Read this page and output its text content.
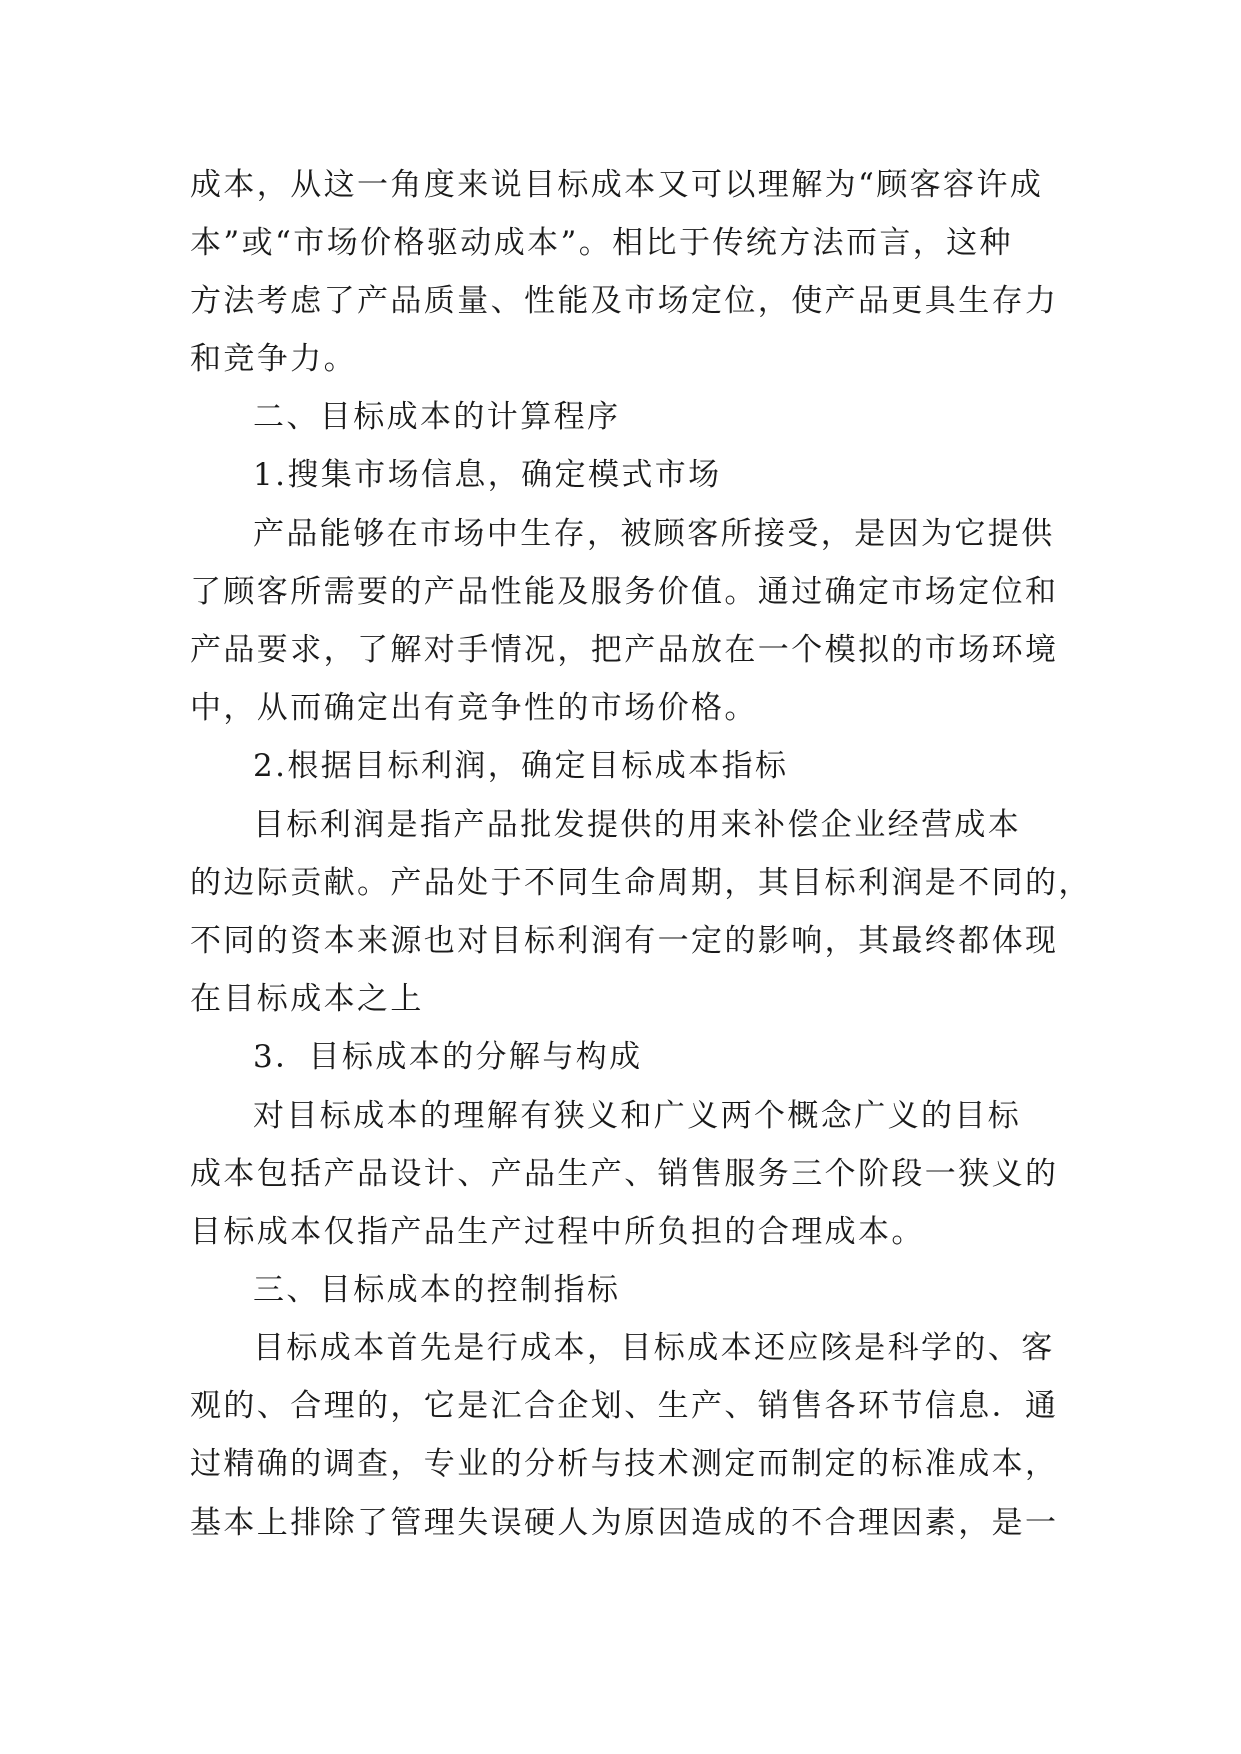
成本，从这一角度来说目标成本又可以理解为“顾客容许成
本”或“市场价格驱动成本”。相比于传统方法而言，这种
方法考虑了产品质量、性能及市场定位，使产品更具生存力
和竞争力。
二、目标成本的计算程序
1.搜集市场信息，确定模式市场
产品能够在市场中生存，被顾客所接受，是因为它提供
了顾客所需要的产品性能及服务价值。通过确定市场定位和
产品要求，了解对手情况，把产品放在一个模拟的市场环境
中，从而确定出有竞争性的市场价格。
2.根据目标利润，确定目标成本指标
目标利润是指产品批发提供的用来补偿企业经营成本
的边际贡献。产品处于不同生命周期，其目标利润是不同的，
不同的资本来源也对目标利润有一定的影响，其最终都体现
在目标成本之上
3．目标成本的分解与构成
对目标成本的理解有狭义和广义两个概念广义的目标
成本包括产品设计、产品生产、销售服务三个阶段一狭义的
目标成本仅指产品生产过程中所负担的合理成本。
三、目标成本的控制指标
目标成本首先是行成本，目标成本还应陔是科学的、客
观的、合理的，它是汇合企划、生产、销售各环节信息．通
过精确的调查，专业的分析与技术测定而制定的标准成本，
基本上排除了管理失误硬人为原因造成的不合理因素，是一
